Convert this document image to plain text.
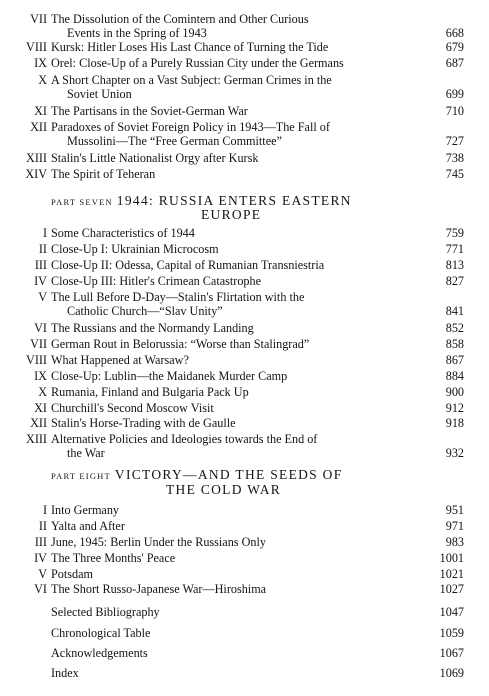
VII The Dissolution of the Comintern and Other Curious
Events in the Spring of 1943	668
VIII Kursk: Hitler Loses His Last Chance of Turning the Tide	679
IX Orel: Close-Up of a Purely Russian City under the Germans	687
X A Short Chapter on a Vast Subject: German Crimes in the
Soviet Union	699
XI The Partisans in the Soviet-German War	710
XII Paradoxes of Soviet Foreign Policy in 1943—The Fall of
Mussolini—The “Free German Committee”	727
XIII Stalin's Little Nationalist Orgy after Kursk	738
XIV The Spirit of Teheran	745
PART SEVEN 1944: RUSSIA ENTERS EASTERN
EUROPE
I Some Characteristics of 1944	759
II Close-Up I: Ukrainian Microcosm	771
III Close-Up II: Odessa, Capital of Rumanian Transniestria	813
IV Close-Up III: Hitler's Crimean Catastrophe	827
V The Lull Before D-Day—Stalin's Flirtation with the
Catholic Church—“Slav Unity”	841
VI The Russians and the Normandy Landing	852
VII German Rout in Belorussia: “Worse than Stalingrad”	858
VIII What Happened at Warsaw?	867
IX Close-Up: Lublin—the Maidanek Murder Camp	884
X Rumania, Finland and Bulgaria Pack Up	900
XI Churchill's Second Moscow Visit	912
XII Stalin's Horse-Trading with de Gaulle	918
XIII Alternative Policies and Ideologies towards the End of
the War	932
PART EIGHT VICTORY—AND THE SEEDS OF
THE COLD WAR
I Into Germany	951
II Yalta and After	971
III June, 1945: Berlin Under the Russians Only	983
IV The Three Months' Peace	1001
V Potsdam	1021
VI The Short Russo-Japanese War—Hiroshima	1027
Selected Bibliography	1047
Chronological Table	1059
Acknowledgements	1067
Index	1069
